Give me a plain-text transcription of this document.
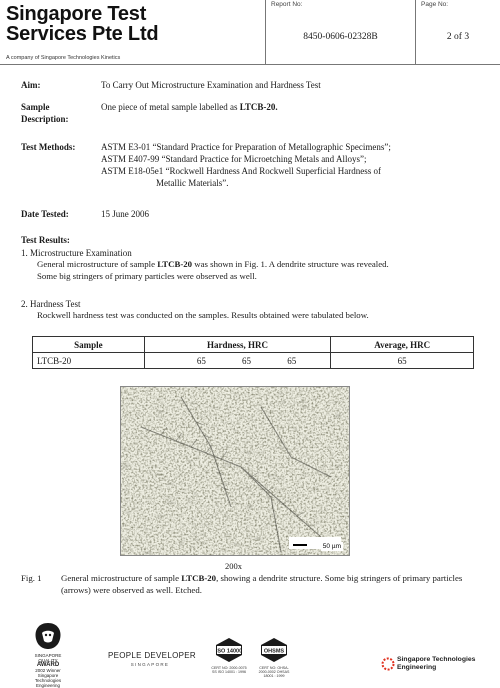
Singapore Test
Services Pte Ltd
A company of Singapore Technologies Kinetics
Report No:
8450-0606-02328B
Page No:
2 of 3
Aim:	To Carry Out Microstructure Examination and Hardness Test
Sample
Description:
One piece of metal sample labelled as LTCB-20.
Test Methods:	ASTM E3-01 “Standard Practice for Preparation of Metallographic Specimens”;
ASTM E407-99 “Standard Practice for Microetching Metals and Alloys”;
ASTM E18-05e1 “Rockwell Hardness And Rockwell Superficial Hardness of
Metallic Materials”.
Date Tested:	15 June 2006
Test Results:
1. Microstructure Examination
General microstructure of sample LTCB-20 was shown in Fig. 1. A dendrite structure was revealed.
Some big stringers of primary particles were observed as well.
2. Hardness Test
Rockwell hardness test was conducted on the samples. Results obtained were tabulated below.
Sample	Hardness, HRC	Average, HRC
LTCB-20	65 65 65	65
50 µm
200x
Fig. 1 General microstructure of sample LTCB-20, showing a dendrite structure. Some big stringers of primary particles (arrows) were observed as well. Etched.
SINGAPORE
QUALITY
AWARD
2002 Winner
Singapore Technologies Engineering
PEOPLE DEVELOPER
SINGAPORE
ISO 14000
CERT NO: 2000-0075 SS ISO 14001 : 1996
OHSMS
CERT NO: OHSA-2000-0002 OHSAS 18001 : 1999
Singapore Technologies
Engineering
